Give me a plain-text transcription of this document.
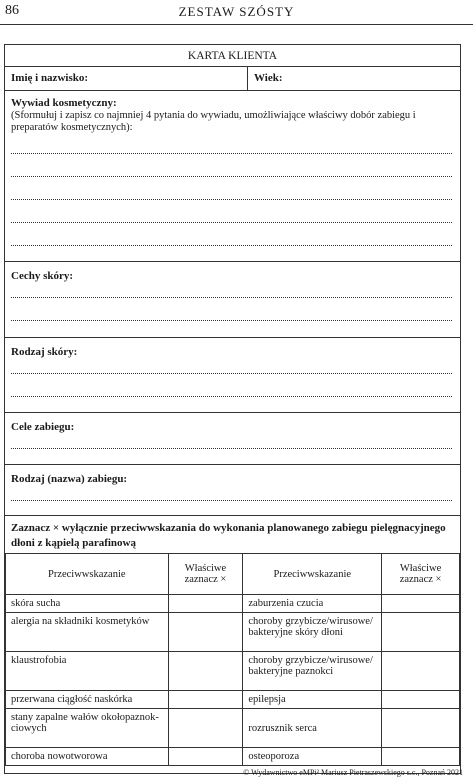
86	ZESTAW SZÓSTY
KARTA KLIENTA
Imię i nazwisko:	Wiek:
Wywiad kosmetyczny:
(Sformułuj i zapisz co najmniej 4 pytania do wywiadu, umożliwiające właściwy dobór zabiegu i preparatów kosmetycznych):
Cechy skóry:
Rodzaj skóry:
Cele zabiegu:
Rodzaj (nazwa) zabiegu:
Zaznacz × wyłącznie przeciwwskazania do wykonania planowanego zabiegu pielęgnacyjnego dłoni z kąpielą parafinową
Przeciwwskazanie	Właściwe zaznacz ×	Przeciwwskazanie	Właściwe zaznacz ×
skóra sucha		zaburzenia czucia	
alergia na składniki kosmetyków		choroby grzybicze/wirusowe/ bakteryjne skóry dłoni	
klaustrofobia		choroby grzybicze/wirusowe/ bakteryjne paznokci	
przerwana ciągłość naskórka		epilepsja	
stany zapalne wałów okołopaznok- ciowych		rozrusznik serca	
choroba nowotworowa		osteoporoza	
© Wydawnictwo eMPi² Mariusz Pietraszewskiego s.c., Poznań 2021
